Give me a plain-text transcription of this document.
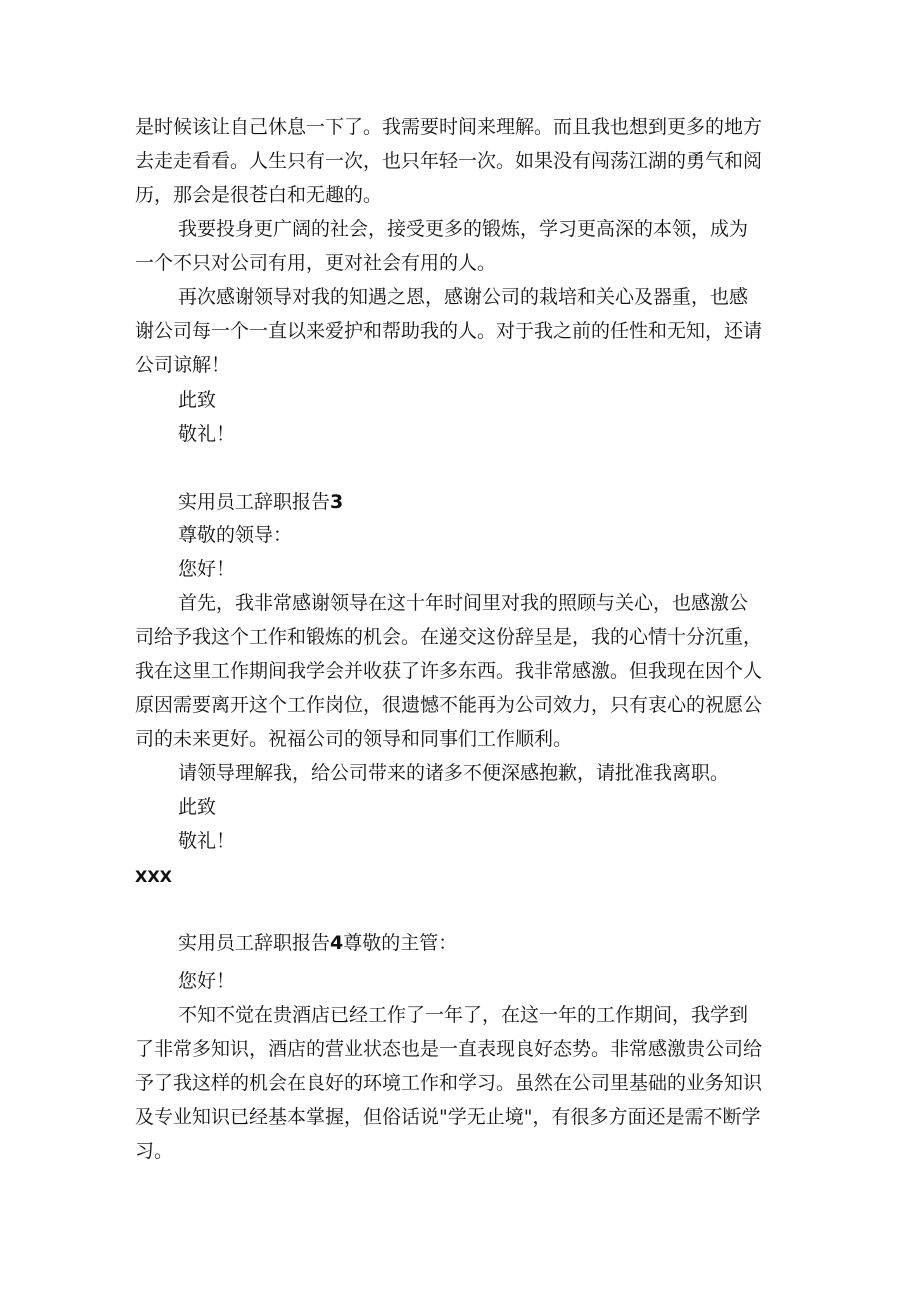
是时候该让自己休息一下了。我需要时间来理解。而且我也想到更多的地方
去走走看看。人生只有一次，也只年轻一次。如果没有闯荡江湖的勇气和阅
历，那会是很苍白和无趣的。
我要投身更广阔的社会，接受更多的锻炼，学习更高深的本领，成为
一个不只对公司有用，更对社会有用的人。
再次感谢领导对我的知遇之恩，感谢公司的栽培和关心及器重，也感
谢公司每一个一直以来爱护和帮助我的人。对于我之前的任性和无知，还请
公司谅解！
此致
敬礼！
实用员工辞职报告3
尊敬的领导：
您好！
首先，我非常感谢领导在这十年时间里对我的照顾与关心，也感激公
司给予我这个工作和锻炼的机会。在递交这份辞呈是，我的心情十分沉重，
我在这里工作期间我学会并收获了许多东西。我非常感激。但我现在因个人
原因需要离开这个工作岗位，很遗憾不能再为公司效力，只有衷心的祝愿公
司的未来更好。祝福公司的领导和同事们工作顺利。
请领导理解我，给公司带来的诸多不便深感抱歉，请批准我离职。
此致
敬礼！
XXX
实用员工辞职报告4尊敬的主管：
您好！
不知不觉在贵酒店已经工作了一年了，在这一年的工作期间，我学到
了非常多知识，酒店的营业状态也是一直表现良好态势。非常感激贵公司给
予了我这样的机会在良好的环境工作和学习。虽然在公司里基础的业务知识
及专业知识已经基本掌握，但俗话说"学无止境"，有很多方面还是需不断学
习。
